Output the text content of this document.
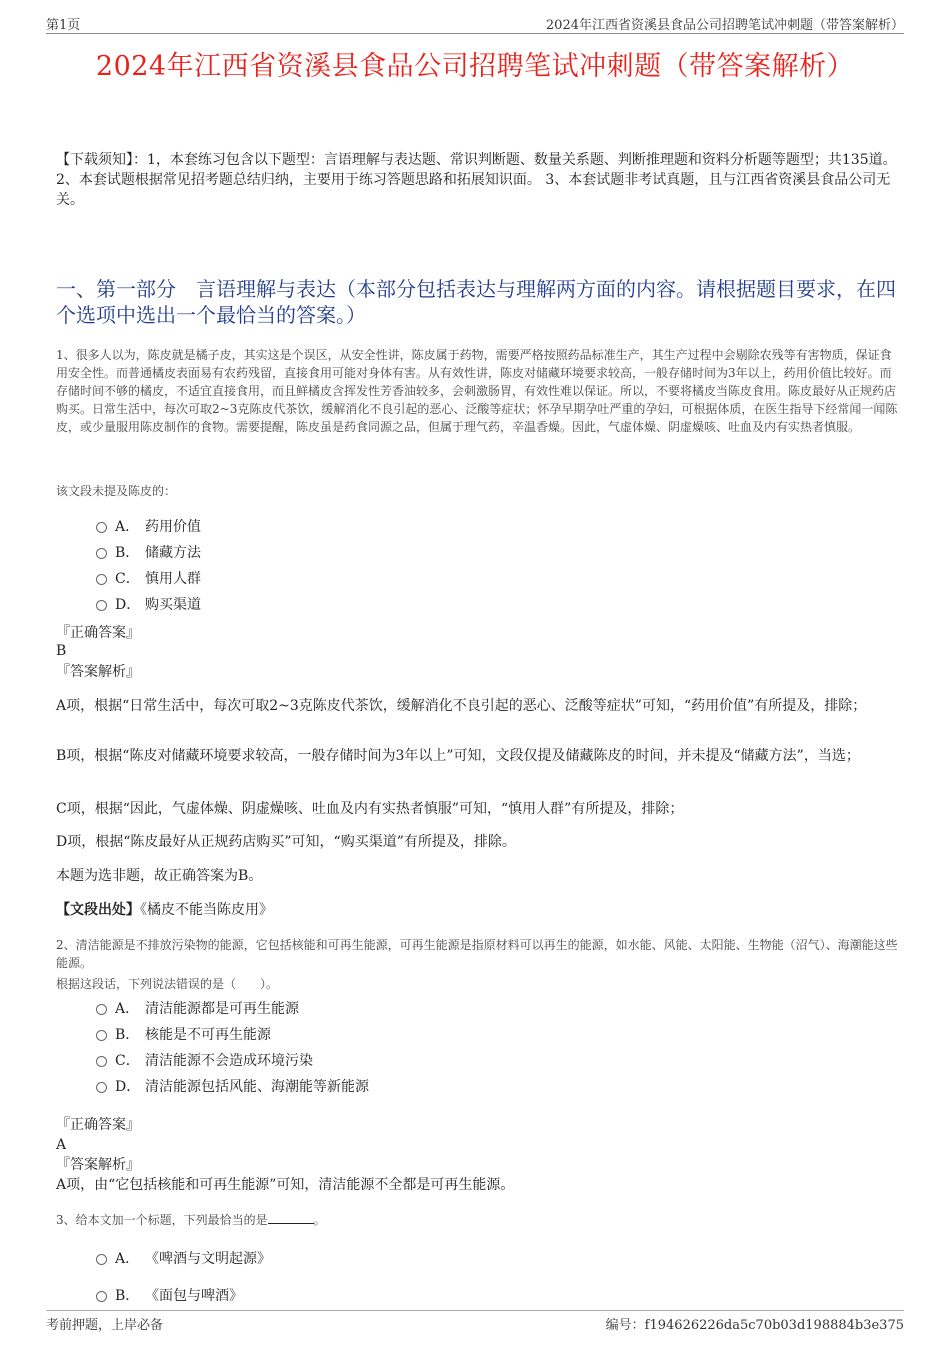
第1页	2024年江西省资溪县食品公司招聘笔试冲刺题（带答案解析）
2024年江西省资溪县食品公司招聘笔试冲刺题（带答案解析）
【下载须知】：1，本套练习包含以下题型：言语理解与表达题、常识判断题、数量关系题、判断推理题和资料分析题等题型；共135道。 2、本套试题根据常见招考题总结归纳，主要用于练习答题思路和拓展知识面。 3、本套试题非考试真题，且与江西省资溪县食品公司无关。
一、第一部分　言语理解与表达（本部分包括表达与理解两方面的内容。请根据题目要求，在四个选项中选出一个最恰当的答案。）
1、很多人以为，陈皮就是橘子皮，其实这是个误区，从安全性讲，陈皮属于药物，需要严格按照药品标准生产，其生产过程中会剔除农残等有害物质，保证食用安全性。而普通橘皮表面易有农药残留，直接食用可能对身体有害。从有效性讲，陈皮对储藏环境要求较高，一般存储时间为3年以上，药用价值比较好。而存储时间不够的橘皮，不适宜直接食用，而且鲜橘皮含挥发性芳香油较多，会刺激肠胃，有效性难以保证。所以，不要将橘皮当陈皮食用。陈皮最好从正规药店购买。日常生活中，每次可取2~3克陈皮代茶饮，缓解消化不良引起的恶心、泛酸等症状；怀孕早期孕吐严重的孕妇，可根据体质，在医生指导下经常闻一闻陈皮，或少量服用陈皮制作的食物。需要提醒，陈皮虽是药食同源之品，但属于理气药，辛温香燥。因此，气虚体燥、阴虚燥咳、吐血及内有实热者慎服。
该文段未提及陈皮的：
A． 药用价值
B． 储藏方法
C． 慎用人群
D． 购买渠道
『正确答案』
B
『答案解析』
A项，根据“日常生活中，每次可取2~3克陈皮代茶饮，缓解消化不良引起的恶心、泛酸等症状”可知，“药用价值”有所提及，排除；
B项，根据“陈皮对储藏环境要求较高，一般存储时间为3年以上”可知，文段仅提及储藏陈皮的时间，并未提及“储藏方法”，当选；
C项，根据“因此，气虚体燥、阴虚燥咳、吐血及内有实热者慎服”可知，“慎用人群”有所提及，排除；
D项，根据“陈皮最好从正规药店购买”可知，“购买渠道”有所提及，排除。
本题为选非题，故正确答案为B。
【文段出处】《橘皮不能当陈皮用》
2、清洁能源是不排放污染物的能源，它包括核能和可再生能源，可再生能源是指原材料可以再生的能源，如水能、风能、太阳能、生物能（沼气）、海潮能这些能源。
根据这段话，下列说法错误的是（　　）。
A． 清洁能源都是可再生能源
B． 核能是不可再生能源
C． 清洁能源不会造成环境污染
D． 清洁能源包括风能、海潮能等新能源
『正确答案』
A
『答案解析』
A项，由“它包括核能和可再生能源”可知，清洁能源不全都是可再生能源。
3、给本文加一个标题，下列最恰当的是	。
A． 《啤酒与文明起源》
B． 《面包与啤酒》
考前押题，上岸必备	编号：f194626226da5c70b03d198884b3e375
